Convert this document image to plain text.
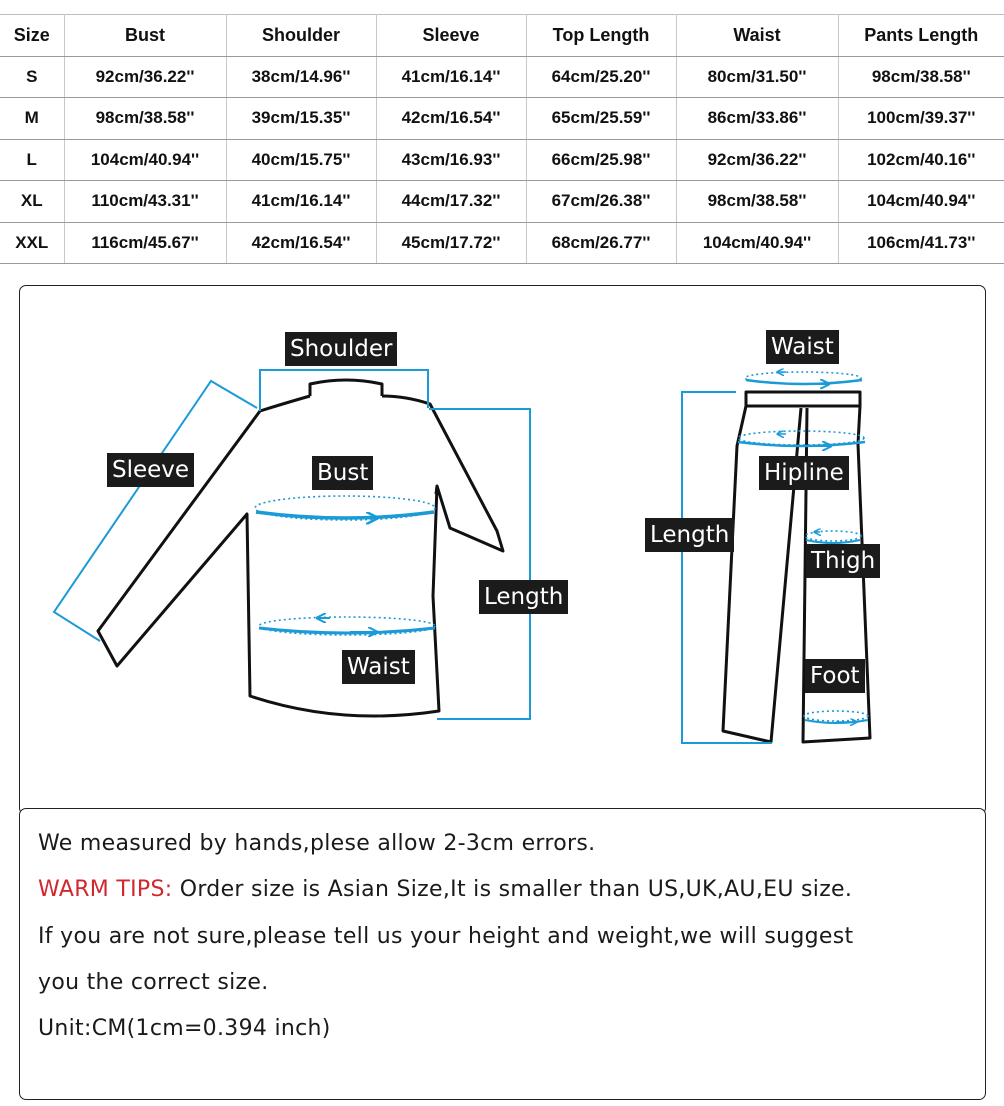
Size	Bust	Shoulder	Sleeve	Top Length	Waist	Pants Length
S	92cm/36.22''	38cm/14.96''	41cm/16.14''	64cm/25.20''	80cm/31.50''	98cm/38.58''
M	98cm/38.58''	39cm/15.35''	42cm/16.54''	65cm/25.59''	86cm/33.86''	100cm/39.37''
L	104cm/40.94''	40cm/15.75''	43cm/16.93''	66cm/25.98''	92cm/36.22''	102cm/40.16''
XL	110cm/43.31''	41cm/16.14''	44cm/17.32''	67cm/26.38''	98cm/38.58''	104cm/40.94''
XXL	116cm/45.67''	42cm/16.54''	45cm/17.72''	68cm/26.77''	104cm/40.94''	106cm/41.73''
Shoulder
Sleeve	Bust
Length
Waist
Waist
Hipline
Length
Thigh
Foot
We measured by hands,plese allow 2-3cm errors.
WARM TIPS: Order size is Asian Size,It is smaller than US,UK,AU,EU size.
If you are not sure,please tell us your height and weight,we will suggest
you the correct size.
Unit:CM(1cm=0.394 inch)
